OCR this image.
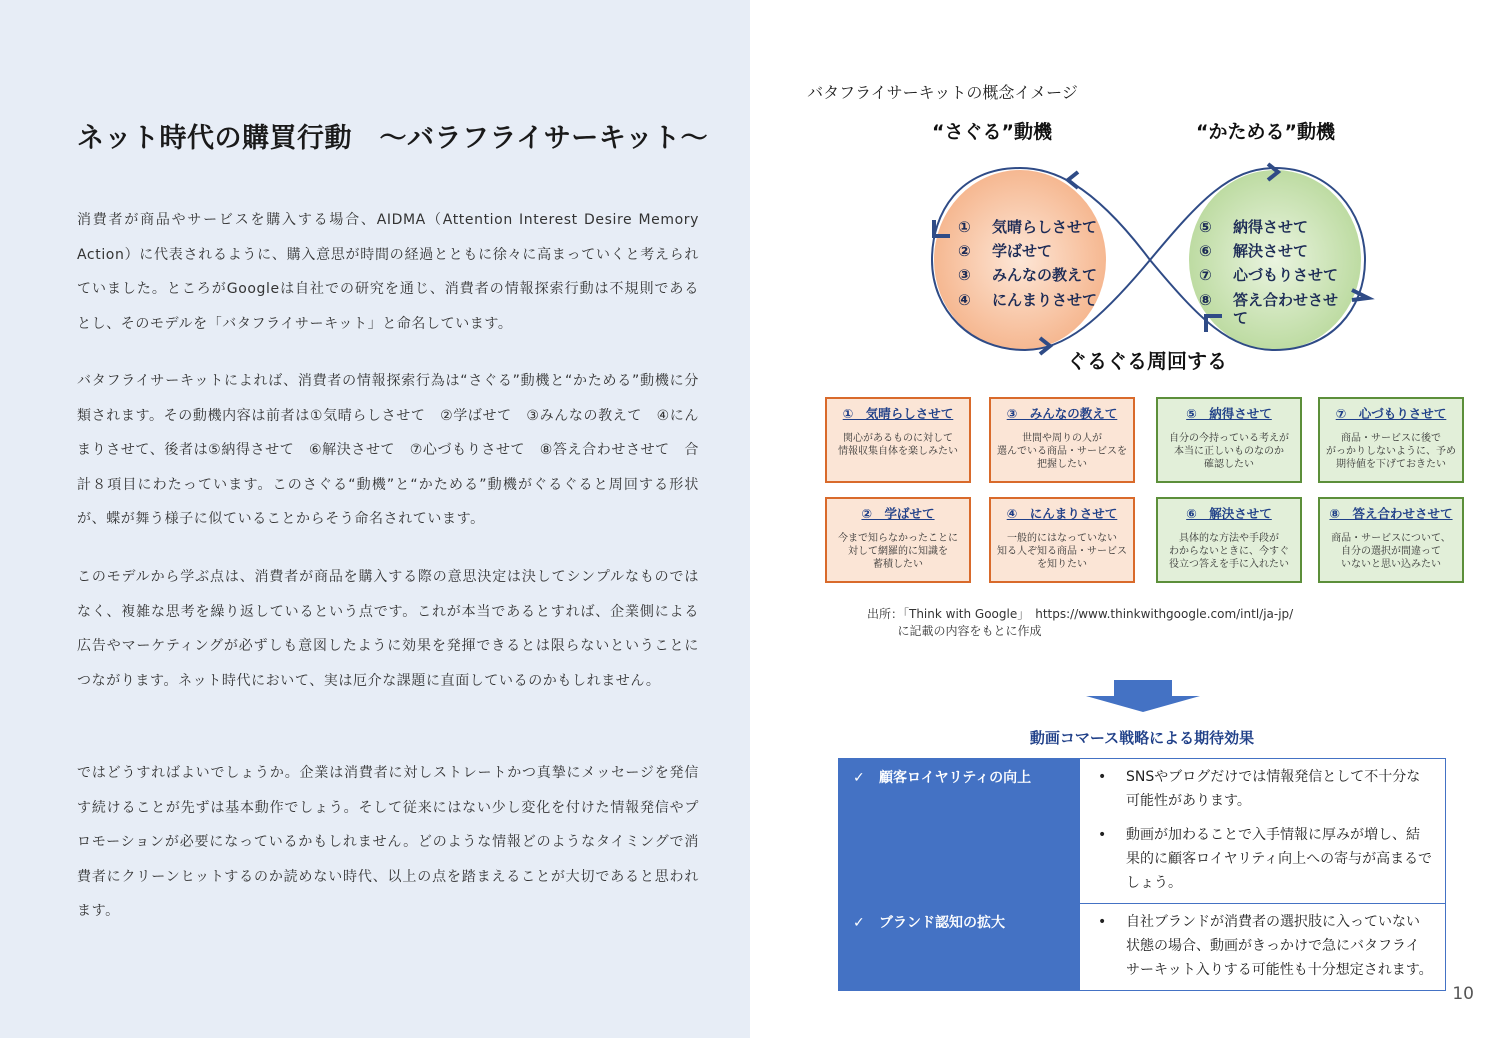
ネット時代の購買行動　～バラフライサーキット～

消費者が商品やサービスを購入する場合、AIDMA（Attention Interest Desire Memory Action）に代表されるように、購入意思が時間の経過とともに徐々に高まっていくと考えられていました。ところがGoogleは自社での研究を通じ、消費者の情報探索行動は不規則であるとし、そのモデルを「バタフライサーキット」と命名しています。

バタフライサーキットによれば、消費者の情報探索行為は“さぐる”動機と“かためる”動機に分類されます。その動機内容は前者は①気晴らしさせて　②学ばせて　③みんなの教えて　④にんまりさせて、後者は⑤納得させて　⑥解決させて　⑦心づもりさせて　⑧答え合わせさせて　合計８項目にわたっています。このさぐる“動機”と“かためる”動機がぐるぐると周回する形状が、蝶が舞う様子に似ていることからそう命名されています。

このモデルから学ぶ点は、消費者が商品を購入する際の意思決定は決してシンプルなものではなく、複雑な思考を繰り返しているという点です。これが本当であるとすれば、企業側による広告やマーケティングが必ずしも意図したように効果を発揮できるとは限らないということにつながります。ネット時代において、実は厄介な課題に直面しているのかもしれません。

ではどうすればよいでしょうか。企業は消費者に対しストレートかつ真摯にメッセージを発信す続けることが先ずは基本動作でしょう。そして従来にはない少し変化を付けた情報発信やプロモーションが必要になっているかもしれません。どのような情報どのようなタイミングで消費者にクリーンヒットするのか読めない時代、以上の点を踏まえることが大切であると思われます。

バタフライサーキットの概念イメージ
“さぐる”動機	“かためる”動機
① 気晴らしさせて
② 学ばせて
③ みんなの教えて
④ にんまりさせて
⑤ 納得させて
⑥ 解決させて
⑦ 心づもりさせて
⑧ 答え合わせさせ
て
ぐるぐる周回する
①　気晴らしさせて
関心があるものに対して
情報収集自体を楽しみたい
③　みんなの教えて
世間や周りの人が
選んでいる商品・サービスを
把握したい
⑤　納得させて
自分の今持っている考えが
本当に正しいものなのか
確認したい
⑦　心づもりさせて
商品・サービスに後で
がっかりしないように、予め
期待値を下げておきたい
②　学ばせて
今まで知らなかったことに
対して網羅的に知識を
蓄積したい
④　にんまりさせて
一般的にはなっていない
知る人ぞ知る商品・サービス
を知りたい
⑥　解決させて
具体的な方法や手段が
わからないときに、今すぐ
役立つ答えを手に入れたい
⑧　答え合わせさせて
商品・サービスについて、
自分の選択が間違って
いないと思い込みたい
出所：「Think with Google」　https://www.thinkwithgoogle.com/intl/ja-jp/
に記載の内容をもとに作成
動画コマース戦略による期待効果
✓ 顧客ロイヤリティの向上	• SNSやブログだけでは情報発信として不十分な可能性があります。
• 動画が加わることで入手情報に厚みが増し、結果的に顧客ロイヤリティ向上への寄与が高まるでしょう。

✓ ブランド認知の拡大	• 自社ブランドが消費者の選択肢に入っていない状態の場合、動画がきっかけで急にバタフライサーキット入りする可能性も十分想定されます。
10
